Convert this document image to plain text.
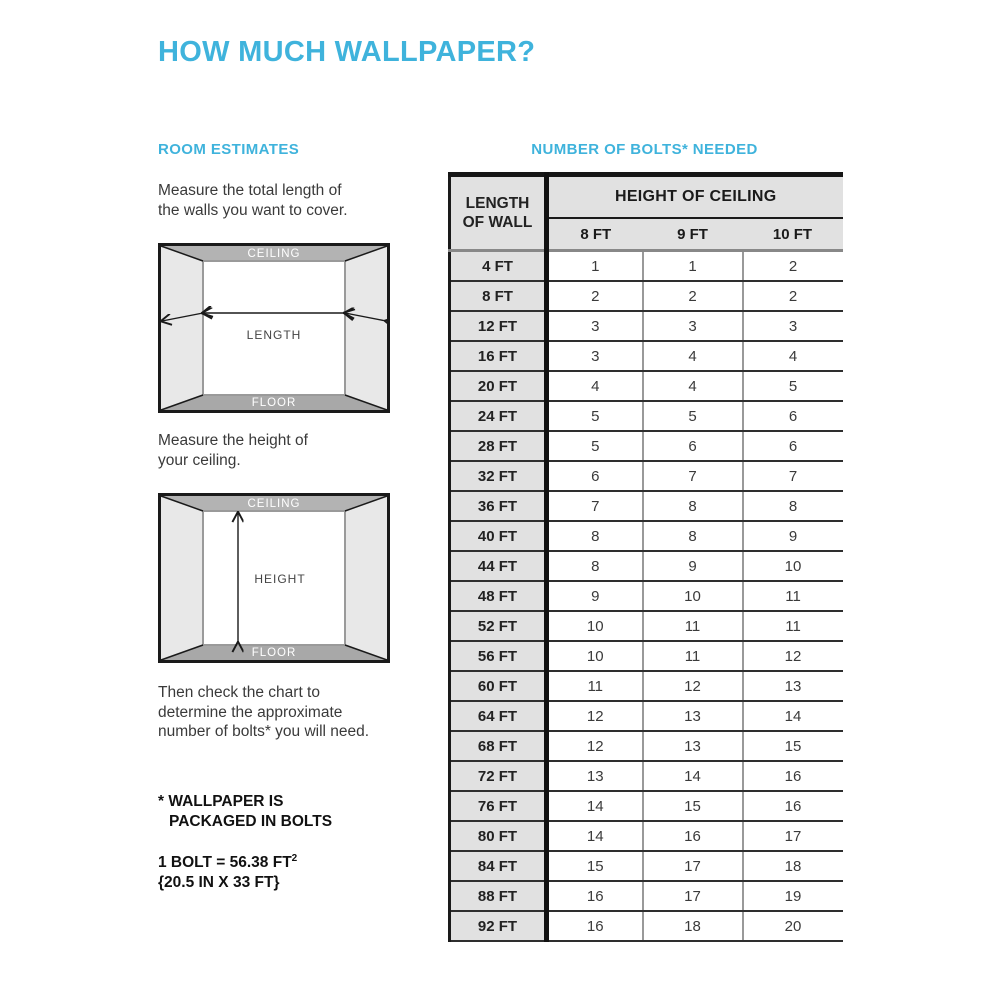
HOW MUCH WALLPAPER?
ROOM ESTIMATES	NUMBER OF BOLTS* NEEDED
Measure the total length of
the walls you want to cover.
CEILING
FLOOR
LENGTH
Measure the height of
your ceiling.
CEILING
FLOOR
HEIGHT
Then check the chart to
determine the approximate
number of bolts* you will need.
* WALLPAPER IS
PACKAGED IN BOLTS
1 BOLT = 56.38 $FT^2$
{20.5 IN X 33 FT}
LENGTH
OF WALL	HEIGHT OF CEILING		
	8 FT	9 FT	10 FT
4 FT	1	1	2
8 FT	2	2	2
12 FT	3	3	3
16 FT	3	4	4
20 FT	4	4	5
24 FT	5	5	6
28 FT	5	6	6
32 FT	6	7	7
36 FT	7	8	8
40 FT	8	8	9
44 FT	8	9	10
48 FT	9	10	11
52 FT	10	11	11
56 FT	10	11	12
60 FT	11	12	13
64 FT	12	13	14
68 FT	12	13	15
72 FT	13	14	16
76 FT	14	15	16
80 FT	14	16	17
84 FT	15	17	18
88 FT	16	17	19
92 FT	16	18	20
